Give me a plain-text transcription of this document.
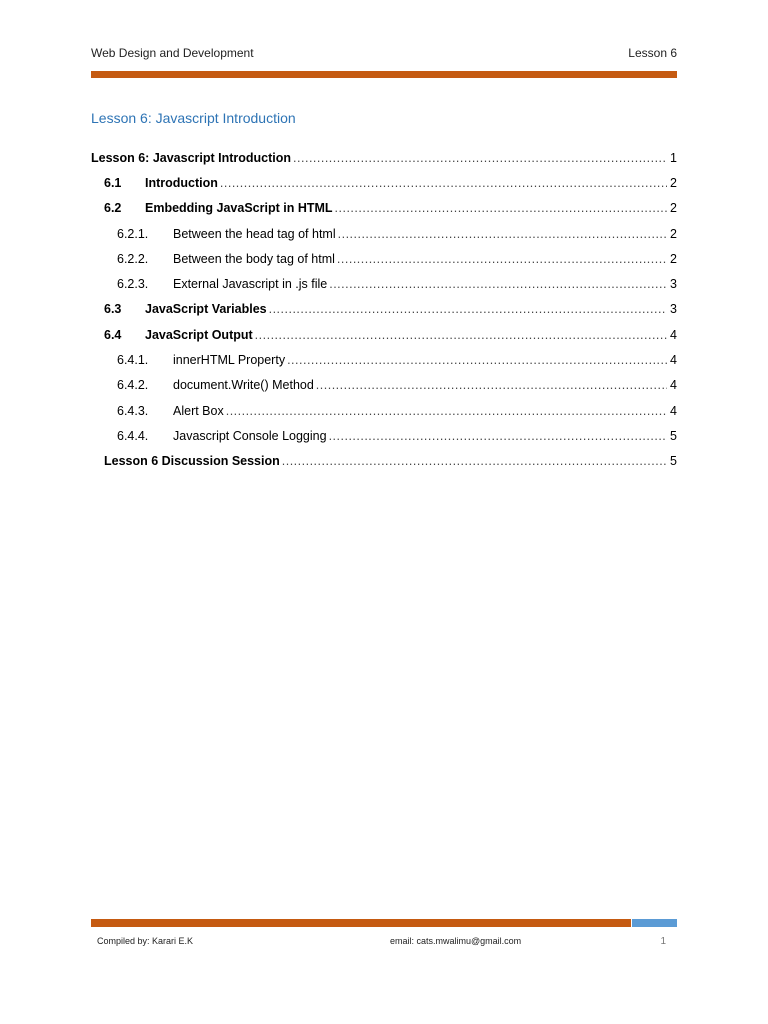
Web Design and Development	Lesson 6
Lesson 6: Javascript Introduction
Lesson 6: Javascript Introduction .....	1
6.1	Introduction .....	2
6.2	Embedding JavaScript in HTML .....	2
6.2.1.	Between the head tag of html .....	2
6.2.2.	Between the body tag of html .....	2
6.2.3.	External Javascript in .js file .....	3
6.3	JavaScript Variables .....	3
6.4	JavaScript Output .....	4
6.4.1.	innerHTML Property .....	4
6.4.2.	document.Write() Method .....	4
6.4.3.	Alert Box .....	4
6.4.4.	Javascript Console Logging .....	5
Lesson 6 Discussion Session .....	5
Compiled by: Karari E.K	email: cats.mwalimu@gmail.com	1
